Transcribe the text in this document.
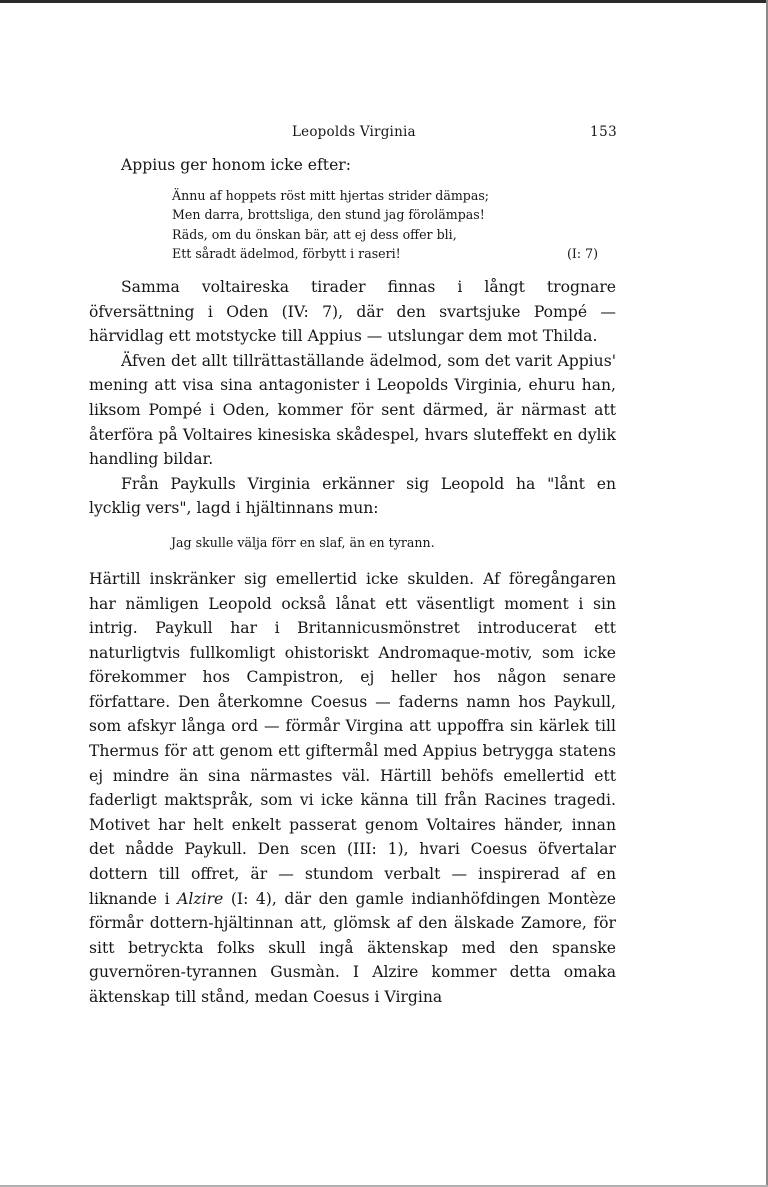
Leopolds Virginia	153

Appius ger honom icke efter:

Ännu af hoppets röst mitt hjertas strider dämpas;
Men darra, brottsliga, den stund jag förolämpas!
Räds, om du önskan bär, att ej dess offer bli,
Ett såradt ädelmod, förbytt i raseri!	(I: 7)

Samma voltaireska tirader finnas i långt trognare öfversättning i Oden (IV: 7), där den svartsjuke Pompé — härvidlag ett motstycke till Appius — utslungar dem mot Thilda.

Äfven det allt tillrättaställande ädelmod, som det varit Appius' mening att visa sina antagonister i Leopolds Virginia, ehuru han, liksom Pompé i Oden, kommer för sent därmed, är närmast att återföra på Voltaires kinesiska skådespel, hvars sluteffekt en dylik handling bildar.

Från Paykulls Virginia erkänner sig Leopold ha "lånt en lycklig vers", lagd i hjältinnans mun:

Jag skulle välja förr en slaf, än en tyrann.

Härtill inskränker sig emellertid icke skulden. Af föregångaren har nämligen Leopold också lånat ett väsentligt moment i sin intrig. Paykull har i Britannicusmönstret introducerat ett naturligtvis fullkomligt ohistoriskt Andromaque-motiv, som icke förekommer hos Campistron, ej heller hos någon senare författare. Den återkomne Coesus — faderns namn hos Paykull, som afskyr långa ord — förmår Virgina att uppoffra sin kärlek till Thermus för att genom ett giftermål med Appius betrygga statens ej mindre än sina närmastes väl. Härtill behöfs emellertid ett faderligt maktspråk, som vi icke känna till från Racines tragedi. Motivet har helt enkelt passerat genom Voltaires händer, innan det nådde Paykull. Den scen (III: 1), hvari Coesus öfvertalar dottern till offret, är — stundom verbalt — inspirerad af en liknande i Alzire (I: 4), där den gamle indianhöfdingen Montèze förmår dottern-hjältinnan att, glömsk af den älskade Zamore, för sitt betryckta folks skull ingå äktenskap med den spanske guvernören-tyrannen Gusmàn. I Alzire kommer detta omaka äktenskap till stånd, medan Coesus i Virgina
